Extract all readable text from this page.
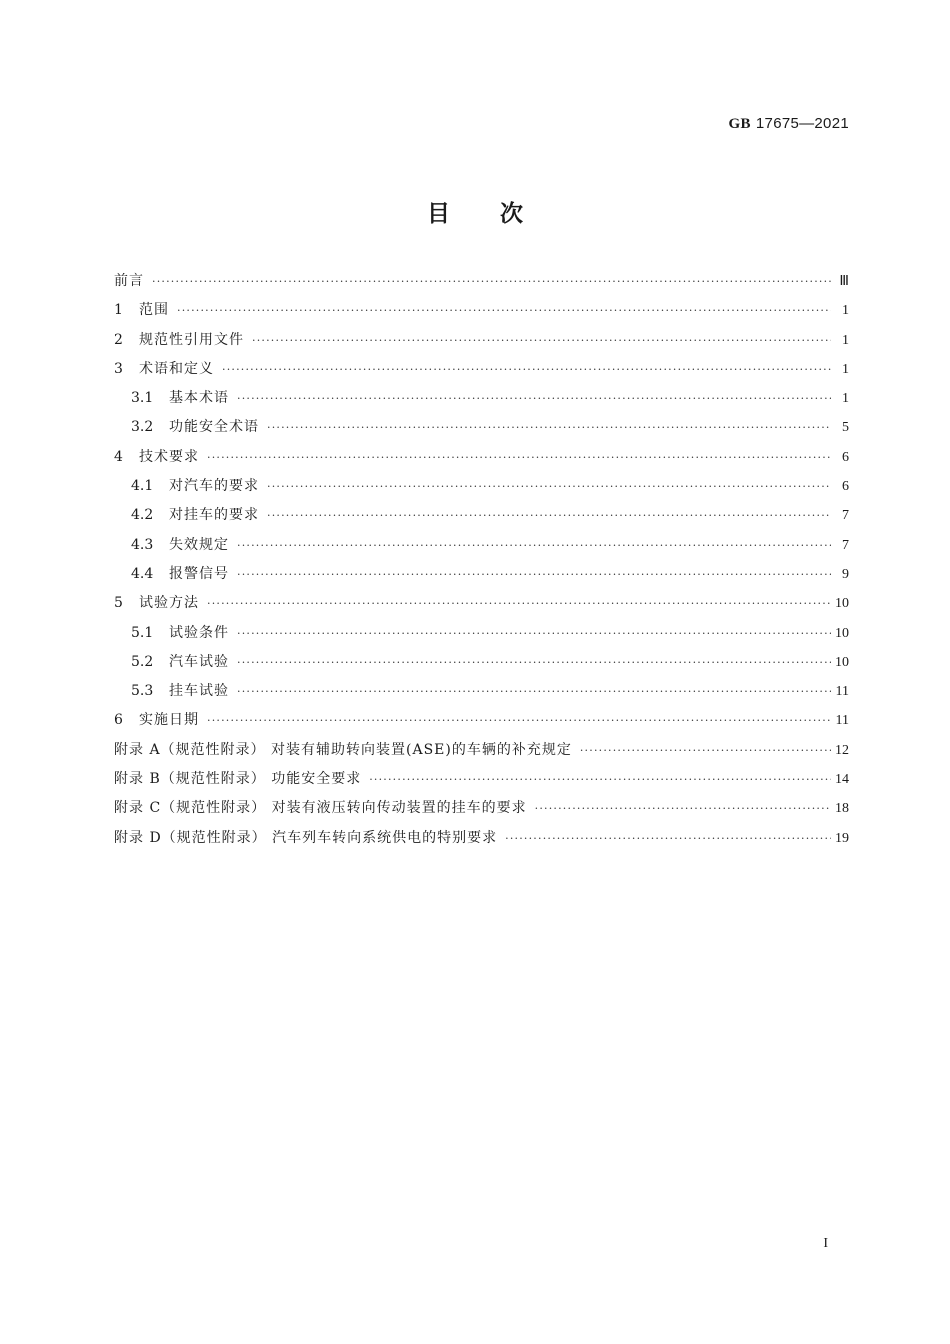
GB 17675—2021
目次
前言 ·····	Ⅲ
1	范围 ·····	1
2	规范性引用文件 ·····	1
3	术语和定义 ·····	1
3.1	基本术语 ·····	1
3.2	功能安全术语 ·····	5
4	技术要求 ·····	6
4.1	对汽车的要求 ·····	6
4.2	对挂车的要求 ·····	7
4.3	失效规定 ·····	7
4.4	报警信号 ·····	9
5	试验方法 ·····	10
5.1	试验条件 ·····	10
5.2	汽车试验 ·····	10
5.3	挂车试验 ·····	11
6	实施日期 ·····	11
附录 A（规范性附录） 对装有辅助转向装置(ASE)的车辆的补充规定 ·····	12
附录 B（规范性附录） 功能安全要求 ·····	14
附录 C（规范性附录） 对装有液压转向传动装置的挂车的要求 ·····	18
附录 D（规范性附录） 汽车列车转向系统供电的特别要求 ·····	19
I
